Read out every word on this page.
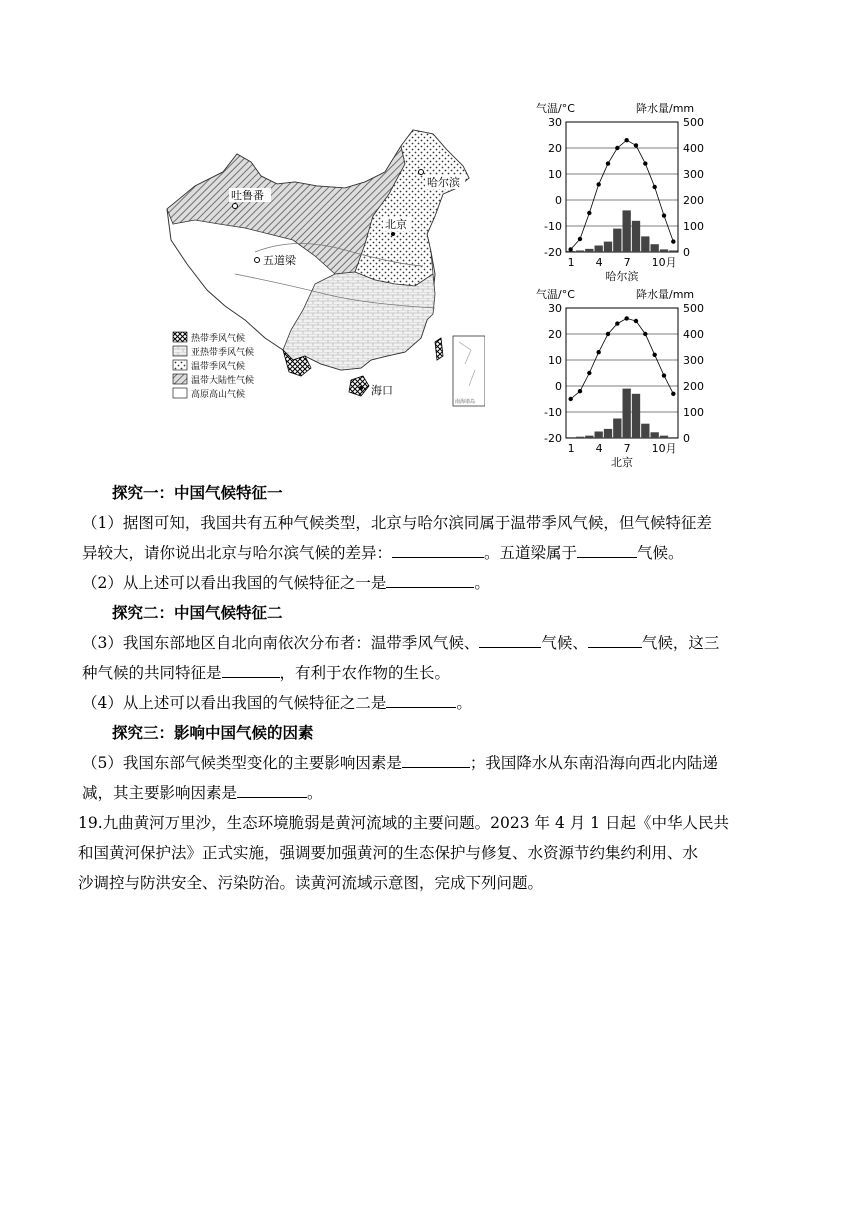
吐鲁番
哈尔滨
北京
五道梁
海口
南海诸岛
热带季风气候
亚热带季风气候
温带季风气候
温带大陆性气候
高原高山气候
气温/°C	降水量/mm
30	500
20	400
10	300
0	200
-10	100
-20	0
1 4 7 10月
哈尔滨
气温/°C	降水量/mm
30	500
20	400
10	300
0	200
-10	100
-20	0
1 4 7 10月
北京
探究一：中国气候特征一
（1）据图可知，我国共有五种气候类型，北京与哈尔滨同属于温带季风气候，但气候特征差
异较大，请你说出北京与哈尔滨气候的差异：	。五道梁属于	气候。
（2）从上述可以看出我国的气候特征之一是	。
探究二：中国气候特征二
（3）我国东部地区自北向南依次分布者：温带季风气候、	气候、	气候，这三
种气候的共同特征是	，有利于农作物的生长。
（4）从上述可以看出我国的气候特征之二是	。
探究三：影响中国气候的因素
（5）我国东部气候类型变化的主要影响因素是	；我国降水从东南沿海向西北内陆递
减，其主要影响因素是	。
19.九曲黄河万里沙，生态环境脆弱是黄河流域的主要问题。2023 年 4 月 1 日起《中华人民共
和国黄河保护法》正式实施，强调要加强黄河的生态保护与修复、水资源节约集约利用、水
沙调控与防洪安全、污染防治。读黄河流域示意图，完成下列问题。
